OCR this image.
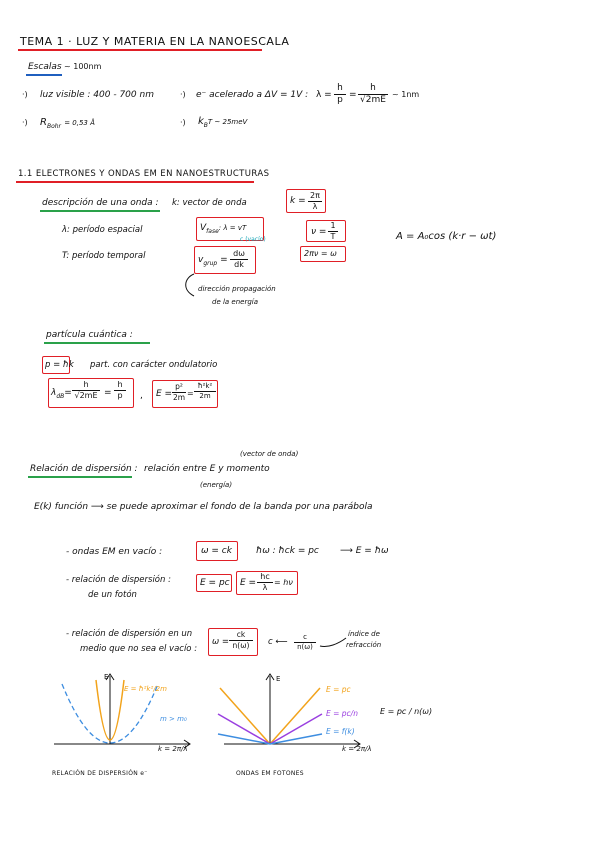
TEMA 1 · LUZ Y MATERIA EN LA NANOESCALA
Escalas ~ 100nm
·) luz visible : 400 - 700 nm	·) e⁻ acelerado a ΔV = 1V : λ =
h
p
=
h
√2mE
~ 1nm
·) $R_{Bohr} = 0,53$ Å	·) $k_BT$ ~ 25meV
1.1 ELECTRONES Y ONDAS EM EN NANOESTRUCTURAS
descripción de una onda : k: vector de onda	k =
2π
λ
λ: período espacial
T: período temporal
$V_{fase}$: λ = vT
c (vacío)
ν =
1
T	A = A₀cos (k·r − ωt)
$v_{grup}$ =
dω
dk
2πν = ω
dirección propagación
de la energía
partícula cuántica :
p = ħk part. con carácter ondulatorio
$\lambda_{dB}=$
h
√2mE =
h
p	, E =
p²
2m =
ħ²k²
2m
(vector de onda)
Relación de dispersión : relación entre E y momento
(energía)
E(k) función ⟶ se puede aproximar el fondo de la banda por una parábola
- ondas EM en vacío :	ω = ck	ħω : ħck = pc ⟶ E = ħω
- relación de dispersión :
de un fotón
E = pc E =
hc
λ
= hν
- relación de dispersión en un
medio que no sea el vacío :
ω =
ck
n(ω)	c ⟵	c
n(ω)
índice de
refracción
E
E = ħ²k²/2m
m > m₀
k = 2π/λ
RELACIÓN DE DISPERSIÓN e⁻
E
E = pc
E = pc/n
E = f(k)
k = 2π/λ
ONDAS EM FOTONES
E = pc / n(ω)
